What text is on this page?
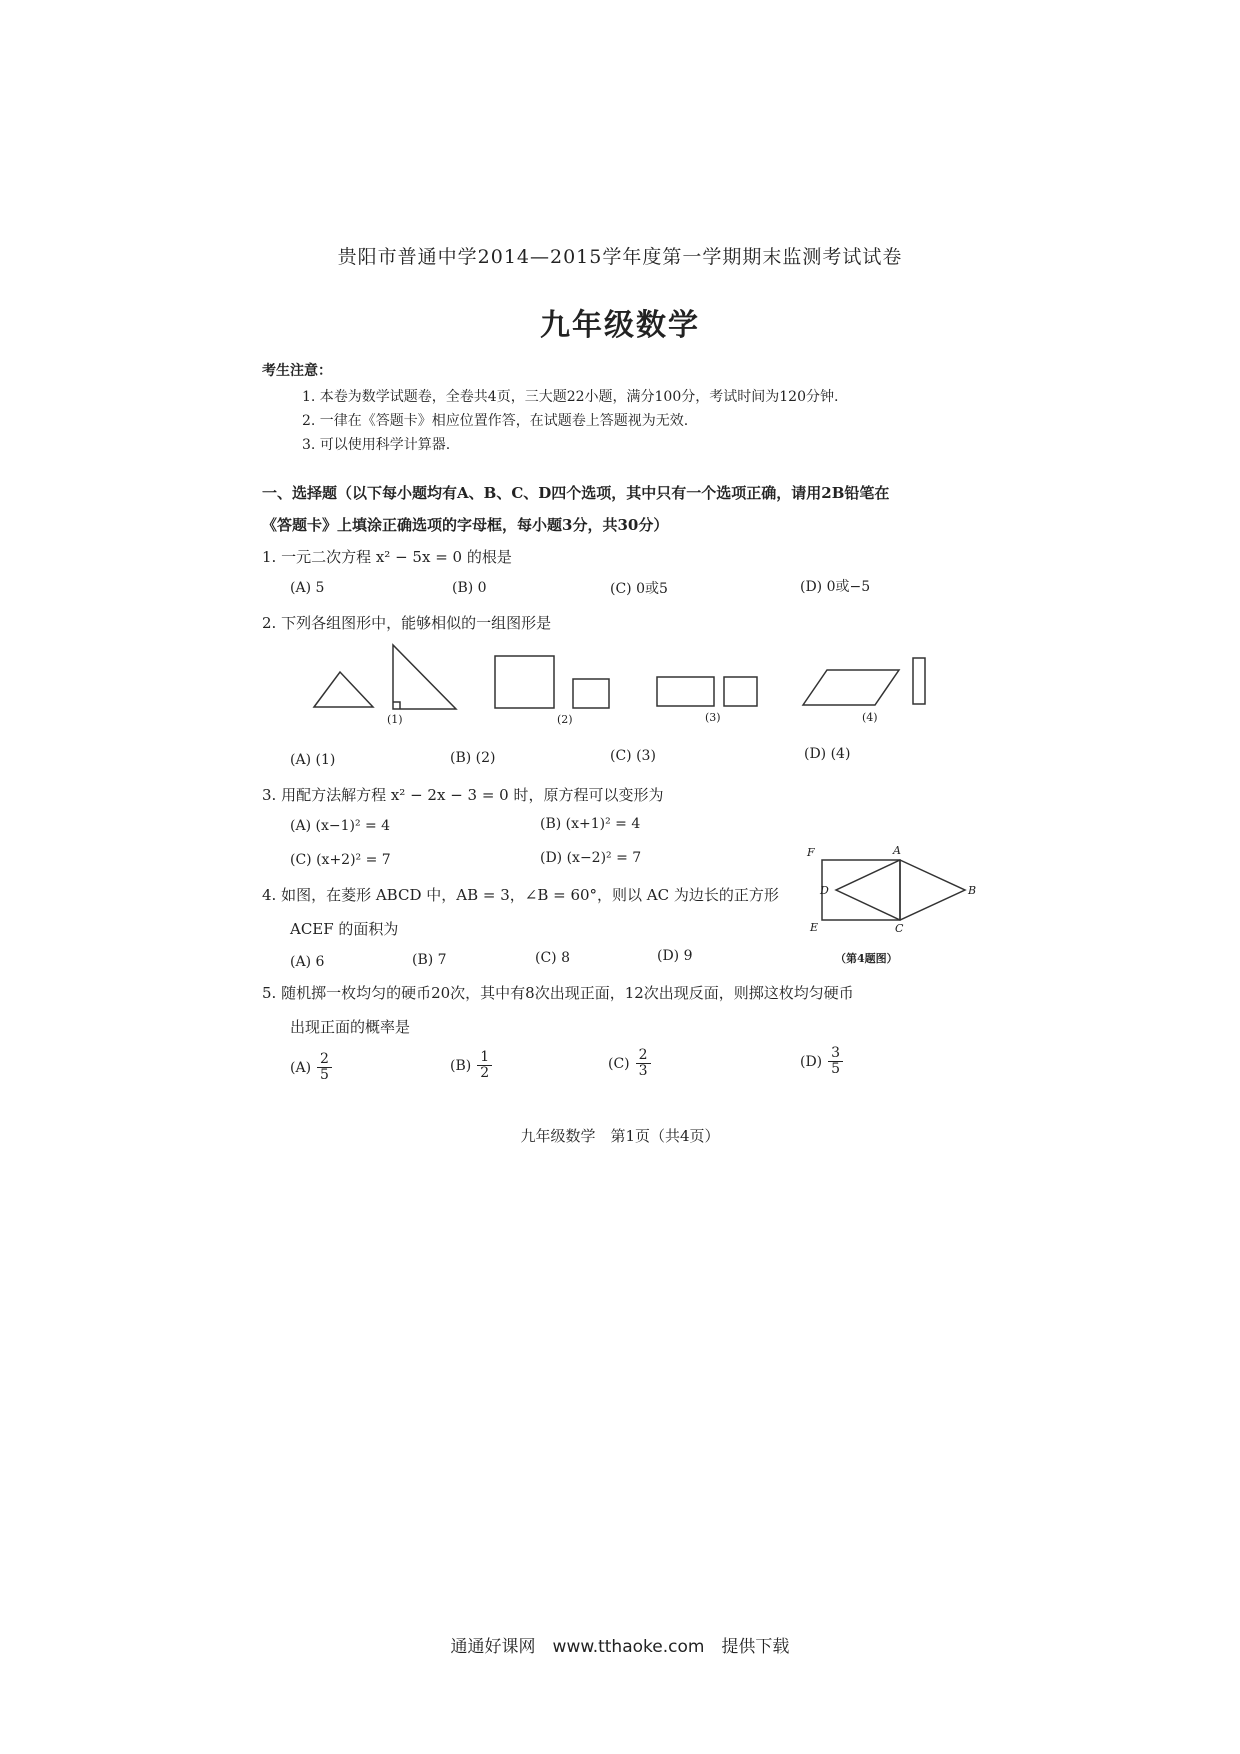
贵阳市普通中学2014—2015学年度第一学期期末监测考试试卷
九年级数学
考生注意：
1. 本卷为数学试题卷，全卷共4页，三大题22小题，满分100分，考试时间为120分钟.
2. 一律在《答题卡》相应位置作答，在试题卷上答题视为无效.
3. 可以使用科学计算器.
一、选择题（以下每小题均有A、B、C、D四个选项，其中只有一个选项正确，请用2B铅笔在
《答题卡》上填涂正确选项的字母框，每小题3分，共30分）
1. 一元二次方程 x² − 5x = 0 的根是
(A) 5	(B) 0	(C) 0或5	(D) 0或−5
2. 下列各组图形中，能够相似的一组图形是
(1)	(2)	(3)	(4)
(A) (1)	(B) (2)	(C) (3)	(D) (4)
3. 用配方法解方程 x² − 2x − 3 = 0 时，原方程可以变形为
(A) (x−1)² = 4	(B) (x+1)² = 4
(C) (x+2)² = 7	(D) (x−2)² = 7
4. 如图，在菱形 ABCD 中，AB = 3，∠B = 60°，则以 AC 为边长的正方形
ACEF 的面积为
(A) 6	(B) 7	(C) 8	(D) 9
F	A
D	B
E	C
（第4题图）
5. 随机掷一枚均匀的硬币20次，其中有8次出现正面，12次出现反面，则掷这枚均匀硬币
出现正面的概率是
$(A) \frac{2}{5}$	$(B) \frac{1}{2}$	$(C) \frac{2}{3}$	$(D) \frac{3}{5}$
九年级数学　第1页（共4页）
通通好课网　www.tthaoke.com　提供下载
